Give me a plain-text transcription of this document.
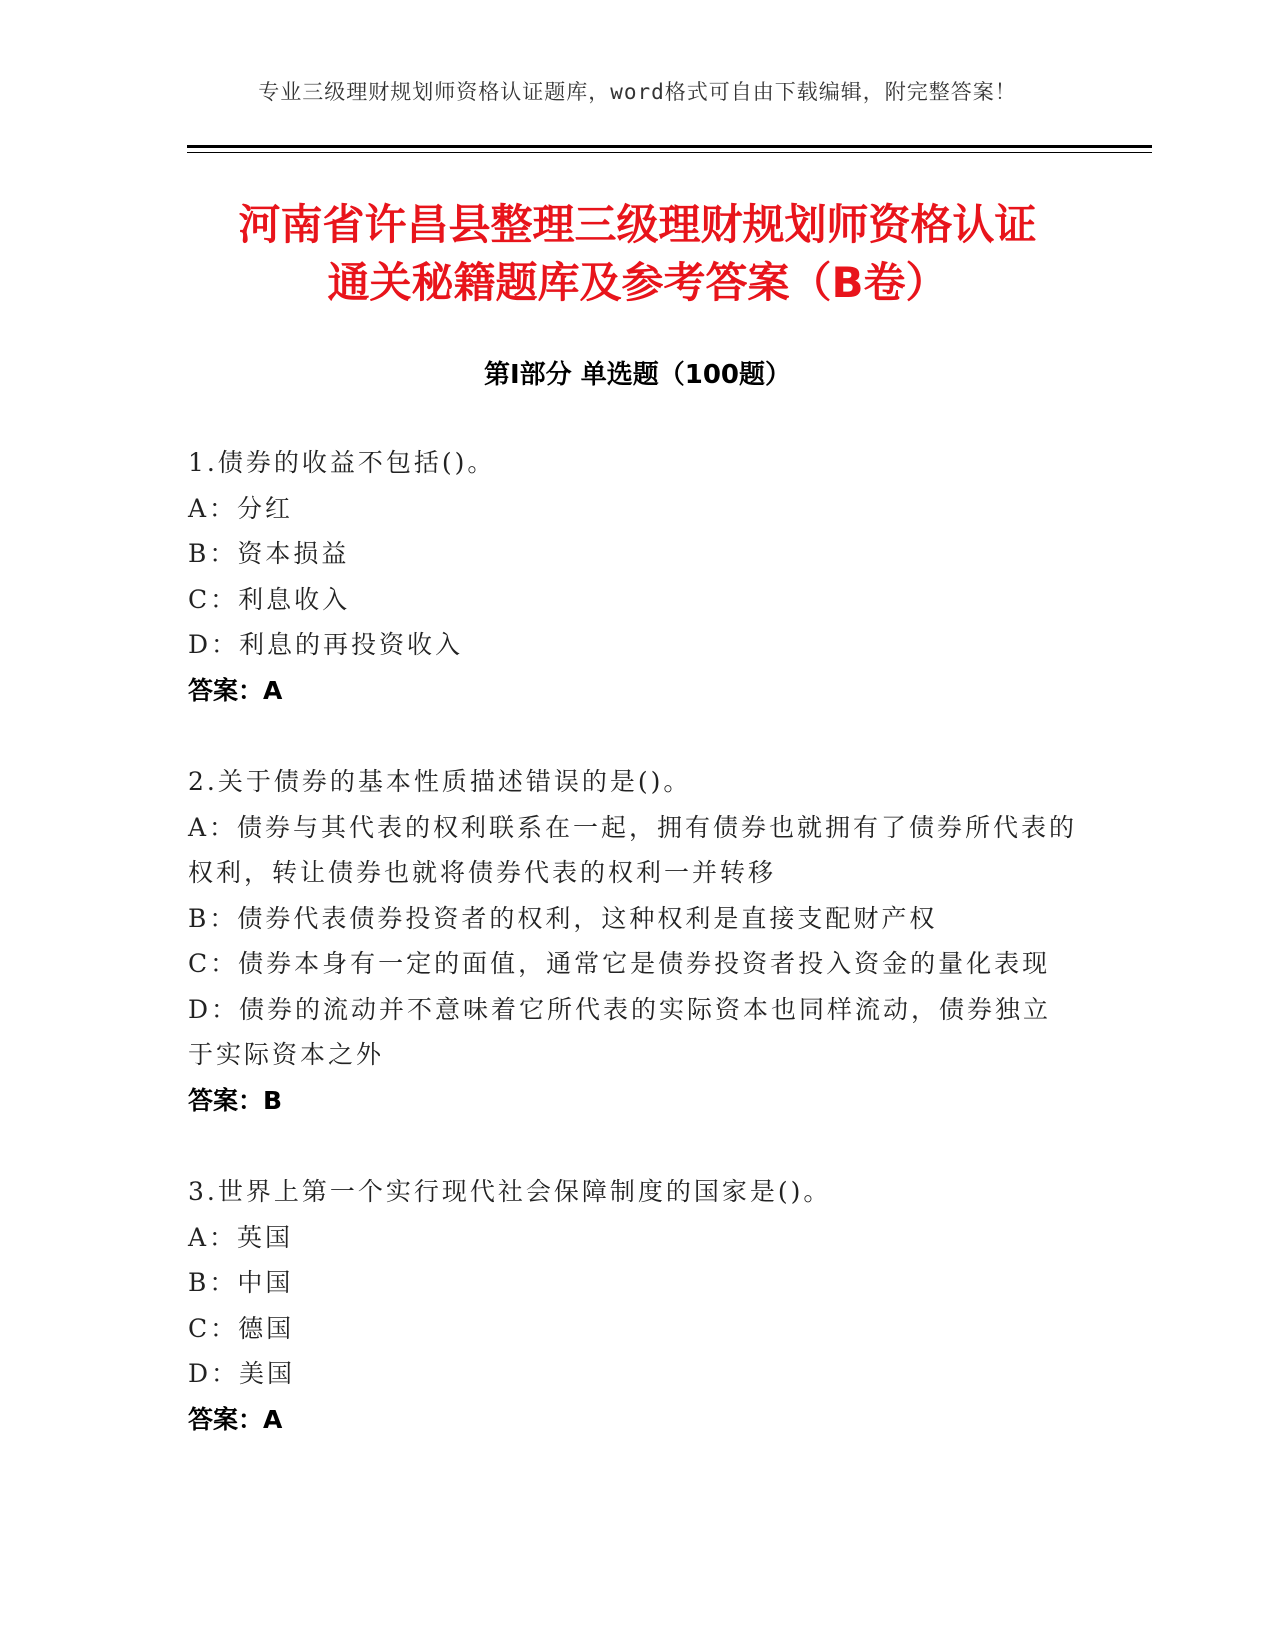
专业三级理财规划师资格认证题库，word格式可自由下载编辑，附完整答案！
河南省许昌县整理三级理财规划师资格认证
通关秘籍题库及参考答案（B卷）
第Ⅰ部分 单选题（100题）

1.债券的收益不包括()。

A：分红

B：资本损益

C：利息收入

D：利息的再投资收入

答案：A

2.关于债券的基本性质描述错误的是()。

A：债券与其代表的权利联系在一起，拥有债券也就拥有了债券所代表的权利，转让债券也就将债券代表的权利一并转移

B：债券代表债券投资者的权利，这种权利是直接支配财产权

C：债券本身有一定的面值，通常它是债券投资者投入资金的量化表现

D：债券的流动并不意味着它所代表的实际资本也同样流动，债券独立于实际资本之外

答案：B

3.世界上第一个实行现代社会保障制度的国家是()。

A：英国

B：中国

C：德国

D：美国

答案：A
